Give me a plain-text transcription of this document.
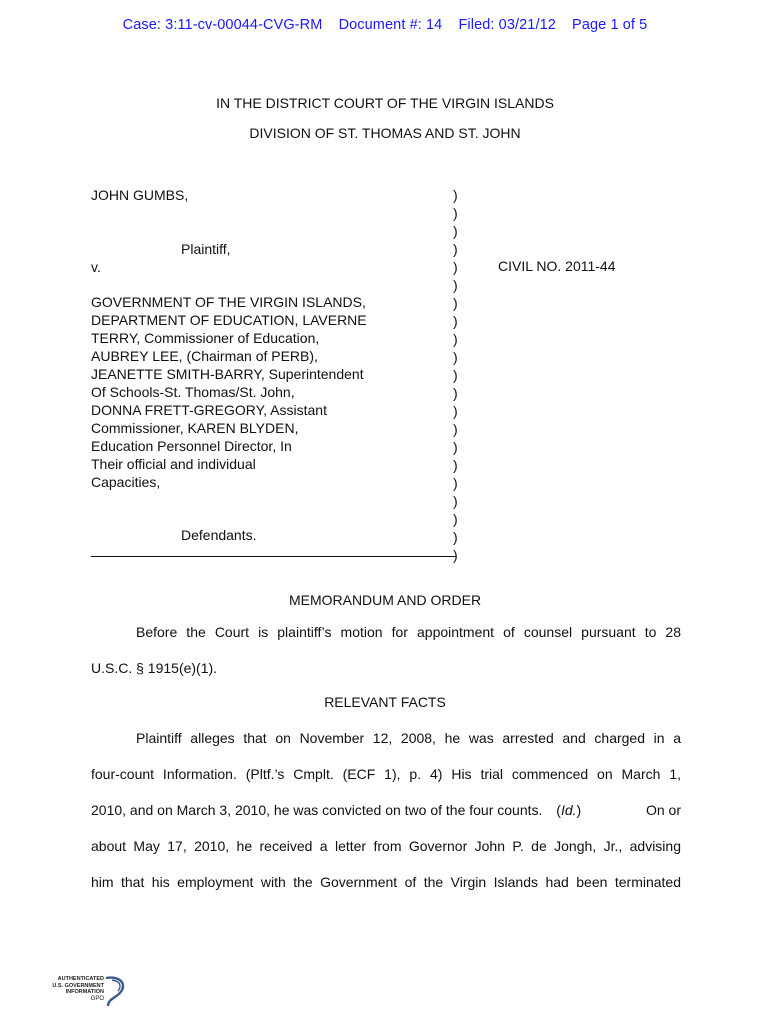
Case: 3:11-cv-00044-CVG-RM Document #: 14 Filed: 03/21/12 Page 1 of 5
IN THE DISTRICT COURT OF THE VIRGIN ISLANDS
DIVISION OF ST. THOMAS AND ST. JOHN
JOHN GUMBS,
Plaintiff,
v.
GOVERNMENT OF THE VIRGIN ISLANDS,
DEPARTMENT OF EDUCATION, LAVERNE
TERRY, Commissioner of Education,
AUBREY LEE, (Chairman of PERB),
JEANETTE SMITH-BARRY, Superintendent
Of Schools-St. Thomas/St. John,
DONNA FRETT-GREGORY, Assistant
Commissioner, KAREN BLYDEN,
Education Personnel Director, In
Their official and individual
Capacities,
Defendants.
)
)
)
)
)
)
)
)
)
)
)
)
)
)
)
)
)
)
)
)
)
CIVIL NO. 2011-44
MEMORANDUM AND ORDER
Before the Court is plaintiff’s motion for appointment of counsel pursuant to 28
U.S.C. § 1915(e)(1).
RELEVANT FACTS
Plaintiff alleges that on November 12, 2008, he was arrested and charged in a
four-count Information. (Pltf.’s Cmplt. (ECF 1), p. 4) His trial commenced on March 1,
2010, and on March 3, 2010, he was convicted on two of the four counts. (Id.)	On or
about May 17, 2010, he received a letter from Governor John P. de Jongh, Jr., advising
him that his employment with the Government of the Virgin Islands had been terminated
AUTHENTICATED
U.S. GOVERNMENT
INFORMATION
GPO
